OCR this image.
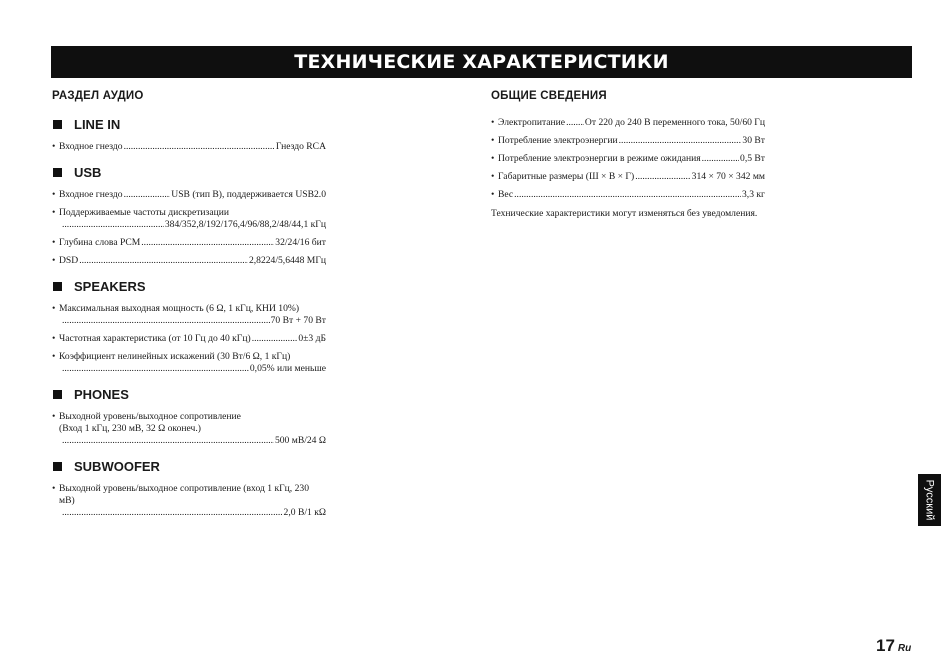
ТЕХНИЧЕСКИЕ ХАРАКТЕРИСТИКИ
РАЗДЕЛ АУДИО
LINE IN
• Входное гнездо .....	Гнездо RCA
USB
• Входное гнездо .....	USB (тип B), поддерживается USB2.0
• Поддерживаемые частоты дискретизации
.....
384/352,8/192/176,4/96/88,2/48/44,1 кГц
• Глубина слова PCM .....	32/24/16 бит
• DSD .....	2,8224/5,6448 МГц
SPEAKERS
• Максимальная выходная мощность (6 Ω, 1 кГц, КНИ 10%)
.....
70 Вт + 70 Вт
• Частотная характеристика (от 10 Гц до 40 кГц) .....	0±3 дБ
• Коэффициент нелинейных искажений (30 Вт/6 Ω, 1 кГц)
.....
0,05% или меньше
PHONES
• Выходной уровень/выходное сопротивление
(Вход 1 кГц, 230 мВ, 32 Ω оконеч.)
.....
500 мВ/24 Ω
SUBWOOFER
• Выходной уровень/выходное сопротивление (вход 1 кГц, 230 мВ)
.....
2,0 В/1 кΩ
ОБЩИЕ СВЕДЕНИЯ
• Электропитание ..... От 220 до 240 В переменного тока, 50/60 Гц
• Потребление электроэнергии .....	30 Вт
• Потребление электроэнергии в режиме ожидания .....	0,5 Вт
• Габаритные размеры (Ш × В × Г) .....	314 × 70 × 342 мм
• Вес .....	3,3 кг
Технические характеристики могут изменяться без уведомления.
Русский
17 Ru
